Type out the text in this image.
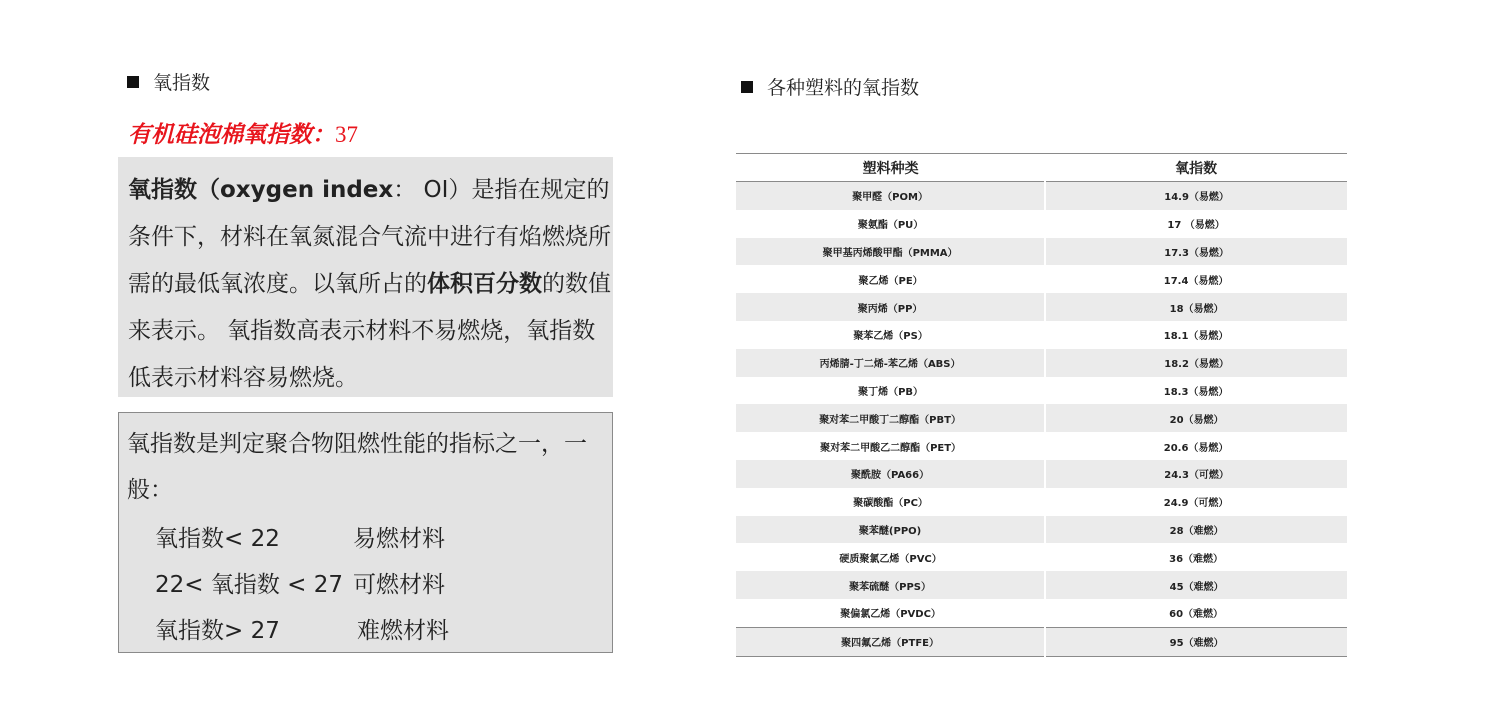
氧指数
有机硅泡棉氧指数：37
氧指数（oxygen index： OI）是指在规定的条件下，材料在氧氮混合气流中进行有焰燃烧所需的最低氧浓度。以氧所占的体积百分数的数值来表示。 氧指数高表示材料不易燃烧，氧指数低表示材料容易燃烧。
氧指数是判定聚合物阻燃性能的指标之一，一般：
氧指数< 22	易燃材料
22< 氧指数 < 27 可燃材料
氧指数> 27	难燃材料
各种塑料的氧指数
塑料种类	氧指数
聚甲醛（POM）	14.9（易燃）
聚氨酯（PU）	17 （易燃）
聚甲基丙烯酸甲酯（PMMA）	17.3（易燃）
聚乙烯（PE）	17.4（易燃）
聚丙烯（PP）	18（易燃）
聚苯乙烯（PS）	18.1（易燃）
丙烯腈-丁二烯-苯乙烯（ABS）	18.2（易燃）
聚丁烯（PB）	18.3（易燃）
聚对苯二甲酸丁二醇酯（PBT）	20（易燃）
聚对苯二甲酸乙二醇酯（PET）	20.6（易燃）
聚酰胺（PA66）	24.3（可燃）
聚碳酸酯（PC）	24.9（可燃）
聚苯醚(PPO)	28（难燃）
硬质聚氯乙烯（PVC）	36（难燃）
聚苯硫醚（PPS）	45（难燃）
聚偏氯乙烯（PVDC）	60（难燃）
聚四氟乙烯（PTFE）	95（难燃）
